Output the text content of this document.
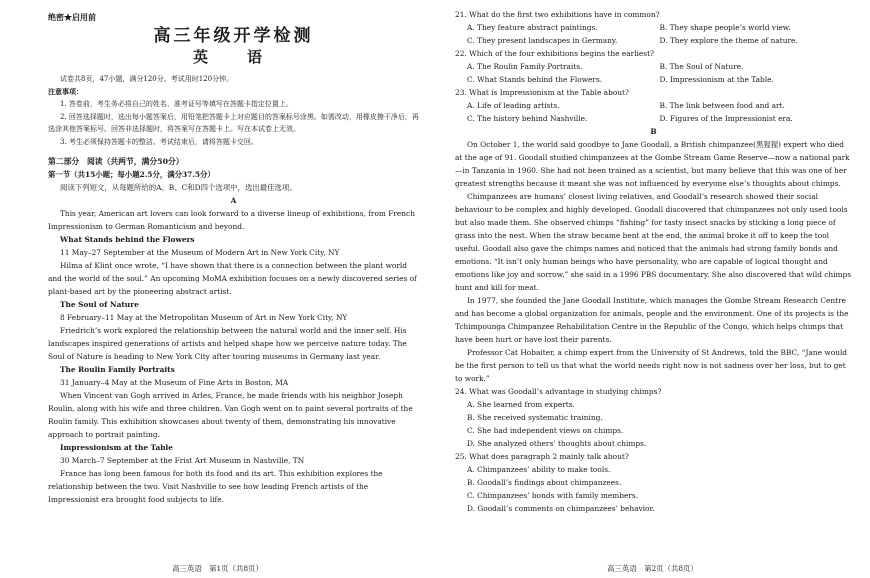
绝密★启用前

高三年级开学检测

英　语

试卷共8页，47小题，满分120分。考试用时120分钟。

注意事项：

1. 答卷前，考生务必将自己的姓名、准考证号等填写在答题卡指定位置上。

2. 回答选择题时，选出每小题答案后，用铅笔把答题卡上对应题目的答案标号涂黑。如需改动，用橡皮擦干净后，再选涂其他答案标号。回答非选择题时，将答案写在答题卡上。写在本试卷上无效。

3. 考生必须保持答题卡的整洁。考试结束后，请将答题卡交回。

第二部分　阅读（共两节，满分50分）

第一节（共15小题；每小题2.5分，满分37.5分）

阅读下列短文，从每题所给的A、B、C和D四个选项中，选出最佳选项。

A

This year, American art lovers can look forward to a diverse lineup of exhibitions, from French Impressionism to German Romanticism and beyond.

What Stands behind the Flowers

11 May–27 September at the Museum of Modern Art in New York City, NY

Hilma af Klint once wrote, “I have shown that there is a connection between the plant world and the world of the soul.” An upcoming MoMA exhibition focuses on a newly discovered series of plant-based art by the pioneering abstract artist.

The Soul of Nature

8 February–11 May at the Metropolitan Museum of Art in New York City, NY

Friedrich’s work explored the relationship between the natural world and the inner self. His landscapes inspired generations of artists and helped shape how we perceive nature today. The Soul of Nature is heading to New York City after touring museums in Germany last year.

The Roulin Family Portraits

31 January–4 May at the Museum of Fine Arts in Boston, MA

When Vincent van Gogh arrived in Arles, France, he made friends with his neighbor Joseph Roulin, along with his wife and three children. Van Gogh went on to paint several portraits of the Roulin family. This exhibition showcases about twenty of them, demonstrating his innovative approach to portrait painting.

Impressionism at the Table

30 March–7 September at the Frist Art Museum in Nashville, TN

France has long been famous for both its food and its art. This exhibition explores the relationship between the two. Visit Nashville to see how leading French artists of the Impressionist era brought food subjects to life.

高三英语　第1页（共8页）

21. What do the first two exhibitions have in common?

A. They feature abstract paintings.	B. They shape people’s world view.
C. They present landscapes in Germany.	D. They explore the theme of nature.

22. Which of the four exhibitions begins the earliest?

A. The Roulin Family Portraits.	B. The Soul of Nature.
C. What Stands behind the Flowers.	D. Impressionism at the Table.

23. What is Impressionism at the Table about?

A. Life of leading artists.	B. The link between food and art.
C. The history behind Nashville.	D. Figures of the Impressionist era.

B

On October 1, the world said goodbye to Jane Goodall, a British chimpanzee(黑猩猩) expert who died at the age of 91. Goodall studied chimpanzees at the Gombe Stream Game Reserve—now a national park—in Tanzania in 1960. She had not been trained as a scientist, but many believe that this was one of her greatest strengths because it meant she was not influenced by everyone else’s thoughts about chimps.

Chimpanzees are humans’ closest living relatives, and Goodall’s research showed their social behaviour to be complex and highly developed. Goodall discovered that chimpanzees not only used tools but also made them. She observed chimps “fishing” for tasty insect snacks by sticking a long piece of grass into the nest. When the straw became bent at the end, the animal broke it off to keep the tool useful. Goodall also gave the chimps names and noticed that the animals had strong family bonds and emotions. “It isn’t only human beings who have personality, who are capable of logical thought and emotions like joy and sorrow,” she said in a 1996 PBS documentary. She also discovered that wild chimps hunt and kill for meat.

In 1977, she founded the Jane Goodall Institute, which manages the Gombe Stream Research Centre and has become a global organization for animals, people and the environment. One of its projects is the Tchimpounga Chimpanzee Rehabilitation Centre in the Republic of the Congo, which helps chimps that have been hurt or have lost their parents.

Professor Cat Hobaiter, a chimp expert from the University of St Andrews, told the BBC, “Jane would be the first person to tell us that what the world needs right now is not sadness over her loss, but to get to work.”

24. What was Goodall’s advantage in studying chimps?

A. She learned from experts.

B. She received systematic training.

C. She had independent views on chimps.

D. She analyzed others’ thoughts about chimps.

25. What does paragraph 2 mainly talk about?

A. Chimpanzees’ ability to make tools.

B. Goodall’s findings about chimpanzees.

C. Chimpanzees’ bonds with family members.

D. Goodall’s comments on chimpanzees’ behavior.

高三英语　第2页（共8页）
